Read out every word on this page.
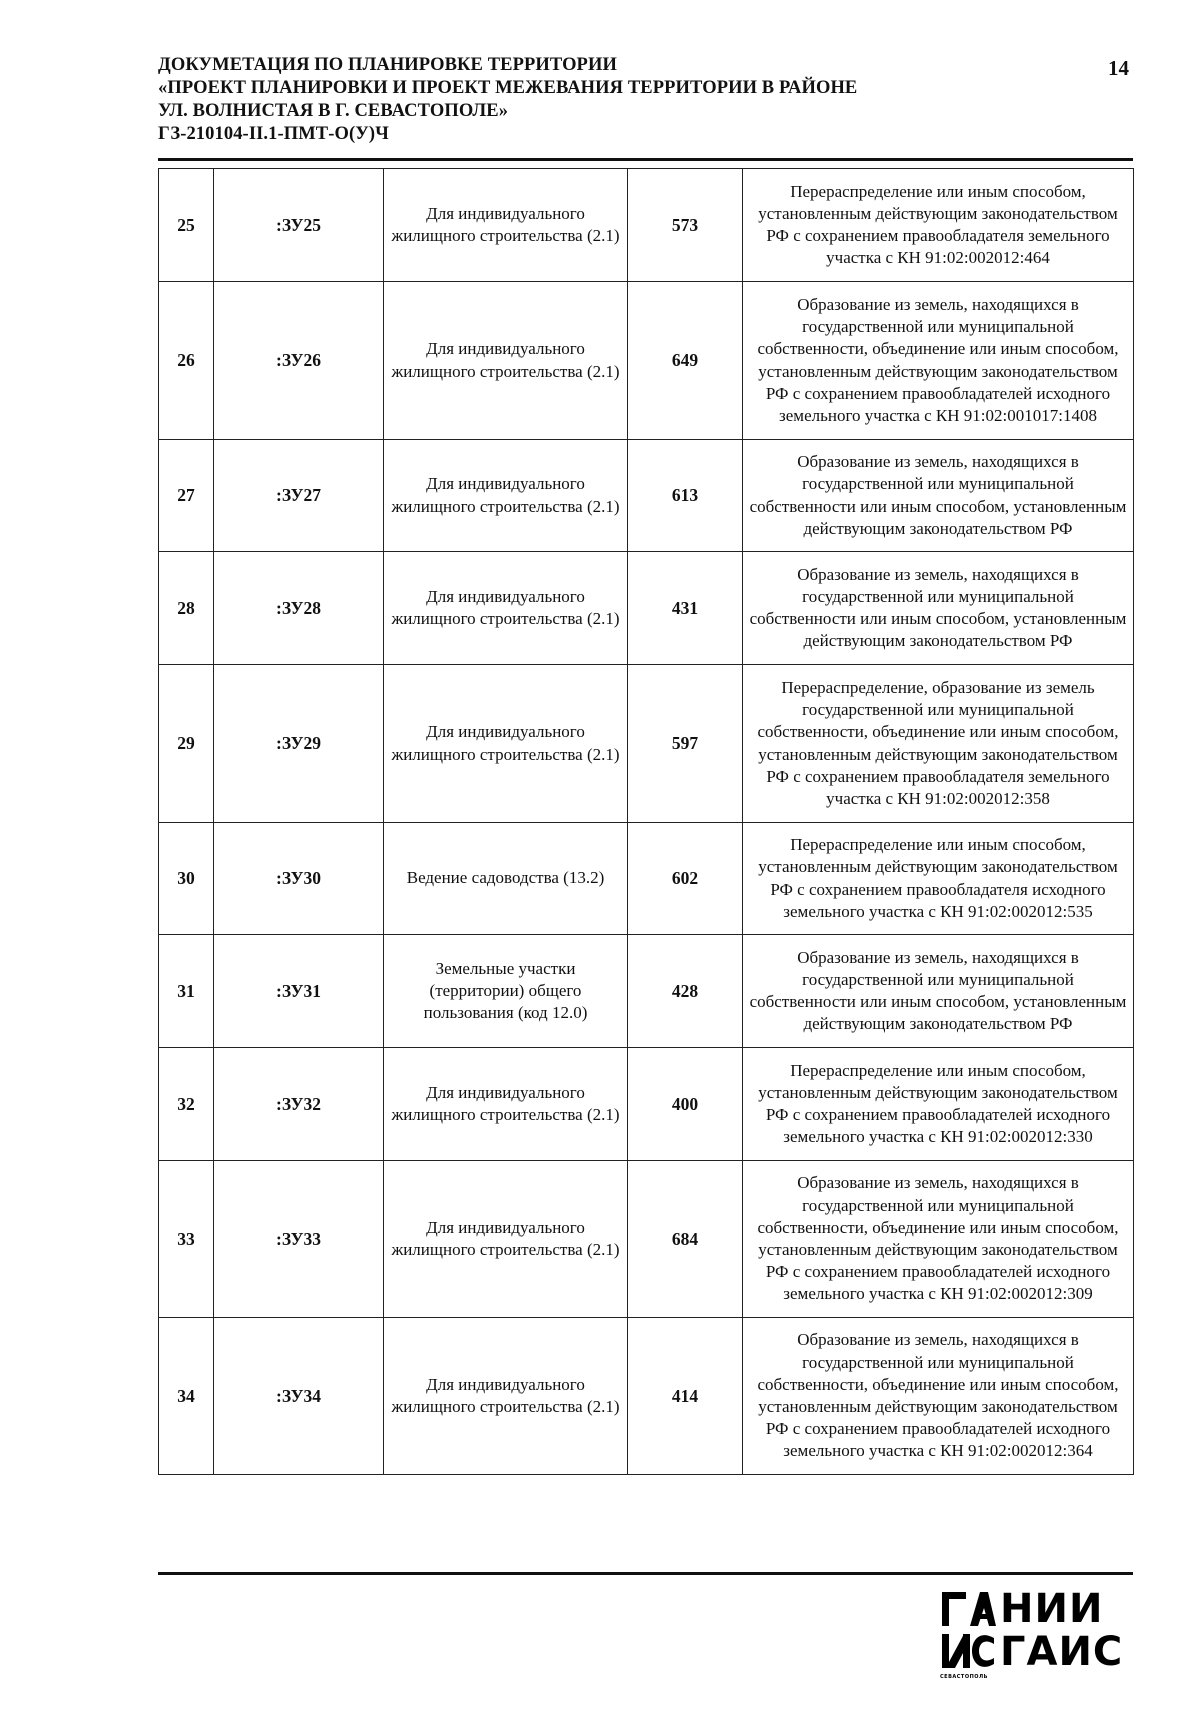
ДОКУМЕТАЦИЯ ПО ПЛАНИРОВКЕ ТЕРРИТОРИИ
«ПРОЕКТ ПЛАНИРОВКИ И ПРОЕКТ МЕЖЕВАНИЯ ТЕРРИТОРИИ В РАЙОНЕ
УЛ. ВОЛНИСТАЯ В Г. СЕВАСТОПОЛЕ»
ГЗ-210104-II.1-ПМТ-О(У)Ч
14
25	:ЗУ25	Для индивидуального жилищного строительства (2.1)	573	Перераспределение или иным способом, установленным действующим законодательством РФ с сохранением правообладателя земельного участка с КН 91:02:002012:464
26	:ЗУ26	Для индивидуального жилищного строительства (2.1)	649	Образование из земель, находящихся в государственной или муниципальной собственности, объединение или иным способом, установленным действующим законодательством РФ с сохранением правообладателей исходного земельного участка с КН 91:02:001017:1408
27	:ЗУ27	Для индивидуального жилищного строительства (2.1)	613	Образование из земель, находящихся в государственной или муниципальной собственности или иным способом, установленным действующим законодательством РФ
28	:ЗУ28	Для индивидуального жилищного строительства (2.1)	431	Образование из земель, находящихся в государственной или муниципальной собственности или иным способом, установленным действующим законодательством РФ
29	:ЗУ29	Для индивидуального жилищного строительства (2.1)	597	Перераспределение, образование из земель государственной или муниципальной собственности, объединение или иным способом, установленным действующим законодательством РФ с сохранением правообладателя земельного участка с КН 91:02:002012:358
30	:ЗУ30	Ведение садоводства (13.2)	602	Перераспределение или иным способом, установленным действующим законодательством РФ с сохранением правообладателя исходного земельного участка с КН 91:02:002012:535
31	:ЗУ31	Земельные участки (территории) общего пользования (код 12.0)	428	Образование из земель, находящихся в государственной или муниципальной собственности или иным способом, установленным действующим законодательством РФ
32	:ЗУ32	Для индивидуального жилищного строительства (2.1)	400	Перераспределение или иным способом, установленным действующим законодательством РФ с сохранением правообладателей исходного земельного участка с КН 91:02:002012:330
33	:ЗУ33	Для индивидуального жилищного строительства (2.1)	684	Образование из земель, находящихся в государственной или муниципальной собственности, объединение или иным способом, установленным действующим законодательством РФ с сохранением правообладателей исходного земельного участка с КН 91:02:002012:309
34	:ЗУ34	Для индивидуального жилищного строительства (2.1)	414	Образование из земель, находящихся в государственной или муниципальной собственности, объединение или иным способом, установленным действующим законодательством РФ с сохранением правообладателей исходного земельного участка с КН 91:02:002012:364
НИИ
ГАИС
СЕВАСТОПОЛЬ
